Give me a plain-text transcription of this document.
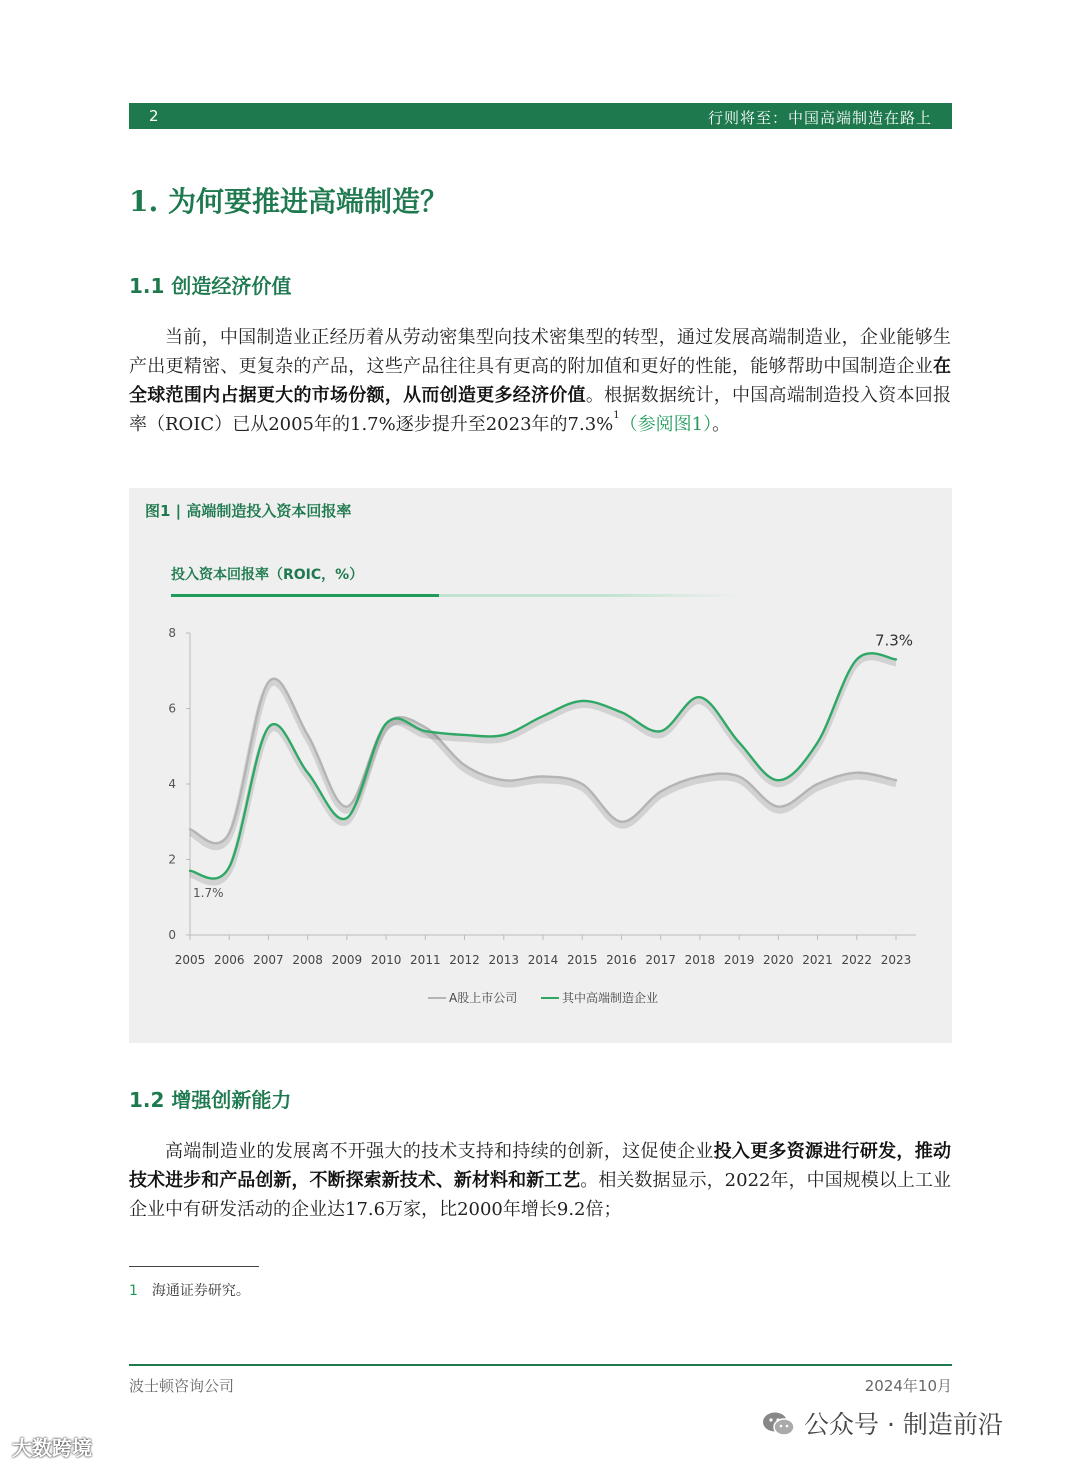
2	行则将至：中国高端制造在路上
1. 为何要推进高端制造？
1.1 创造经济价值
当前，中国制造业正经历着从劳动密集型向技术密集型的转型，通过发展高端制造业，企业能够生产出更精密、更复杂的产品，这些产品往往具有更高的附加值和更好的性能，能够帮助中国制造企业在全球范围内占据更大的市场份额，从而创造更多经济价值。根据数据统计，中国高端制造投入资本回报率（ROIC）已从2005年的1.7%逐步提升至2023年的7.3%$^1$（参阅图1）。
图1 | 高端制造投入资本回报率
投入资本回报率（ROIC，%）
0
2
4
6
8
2005 2006 2007 2008 2009 2010 2011 2012 2013 2014 2015 2016 2017 2018 2019 2020 2021 2022 2023
1.7%
7.3%
A股上市公司	其中高端制造企业
1.2 增强创新能力
高端制造业的发展离不开强大的技术支持和持续的创新，这促使企业投入更多资源进行研发，推动技术进步和产品创新，不断探索新技术、新材料和新工艺。相关数据显示，2022年，中国规模以上工业企业中有研发活动的企业达17.6万家，比2000年增长9.2倍；
1 海通证券研究。
波士顿咨询公司	2024年10月
大数跨境
公众号 · 制造前沿
